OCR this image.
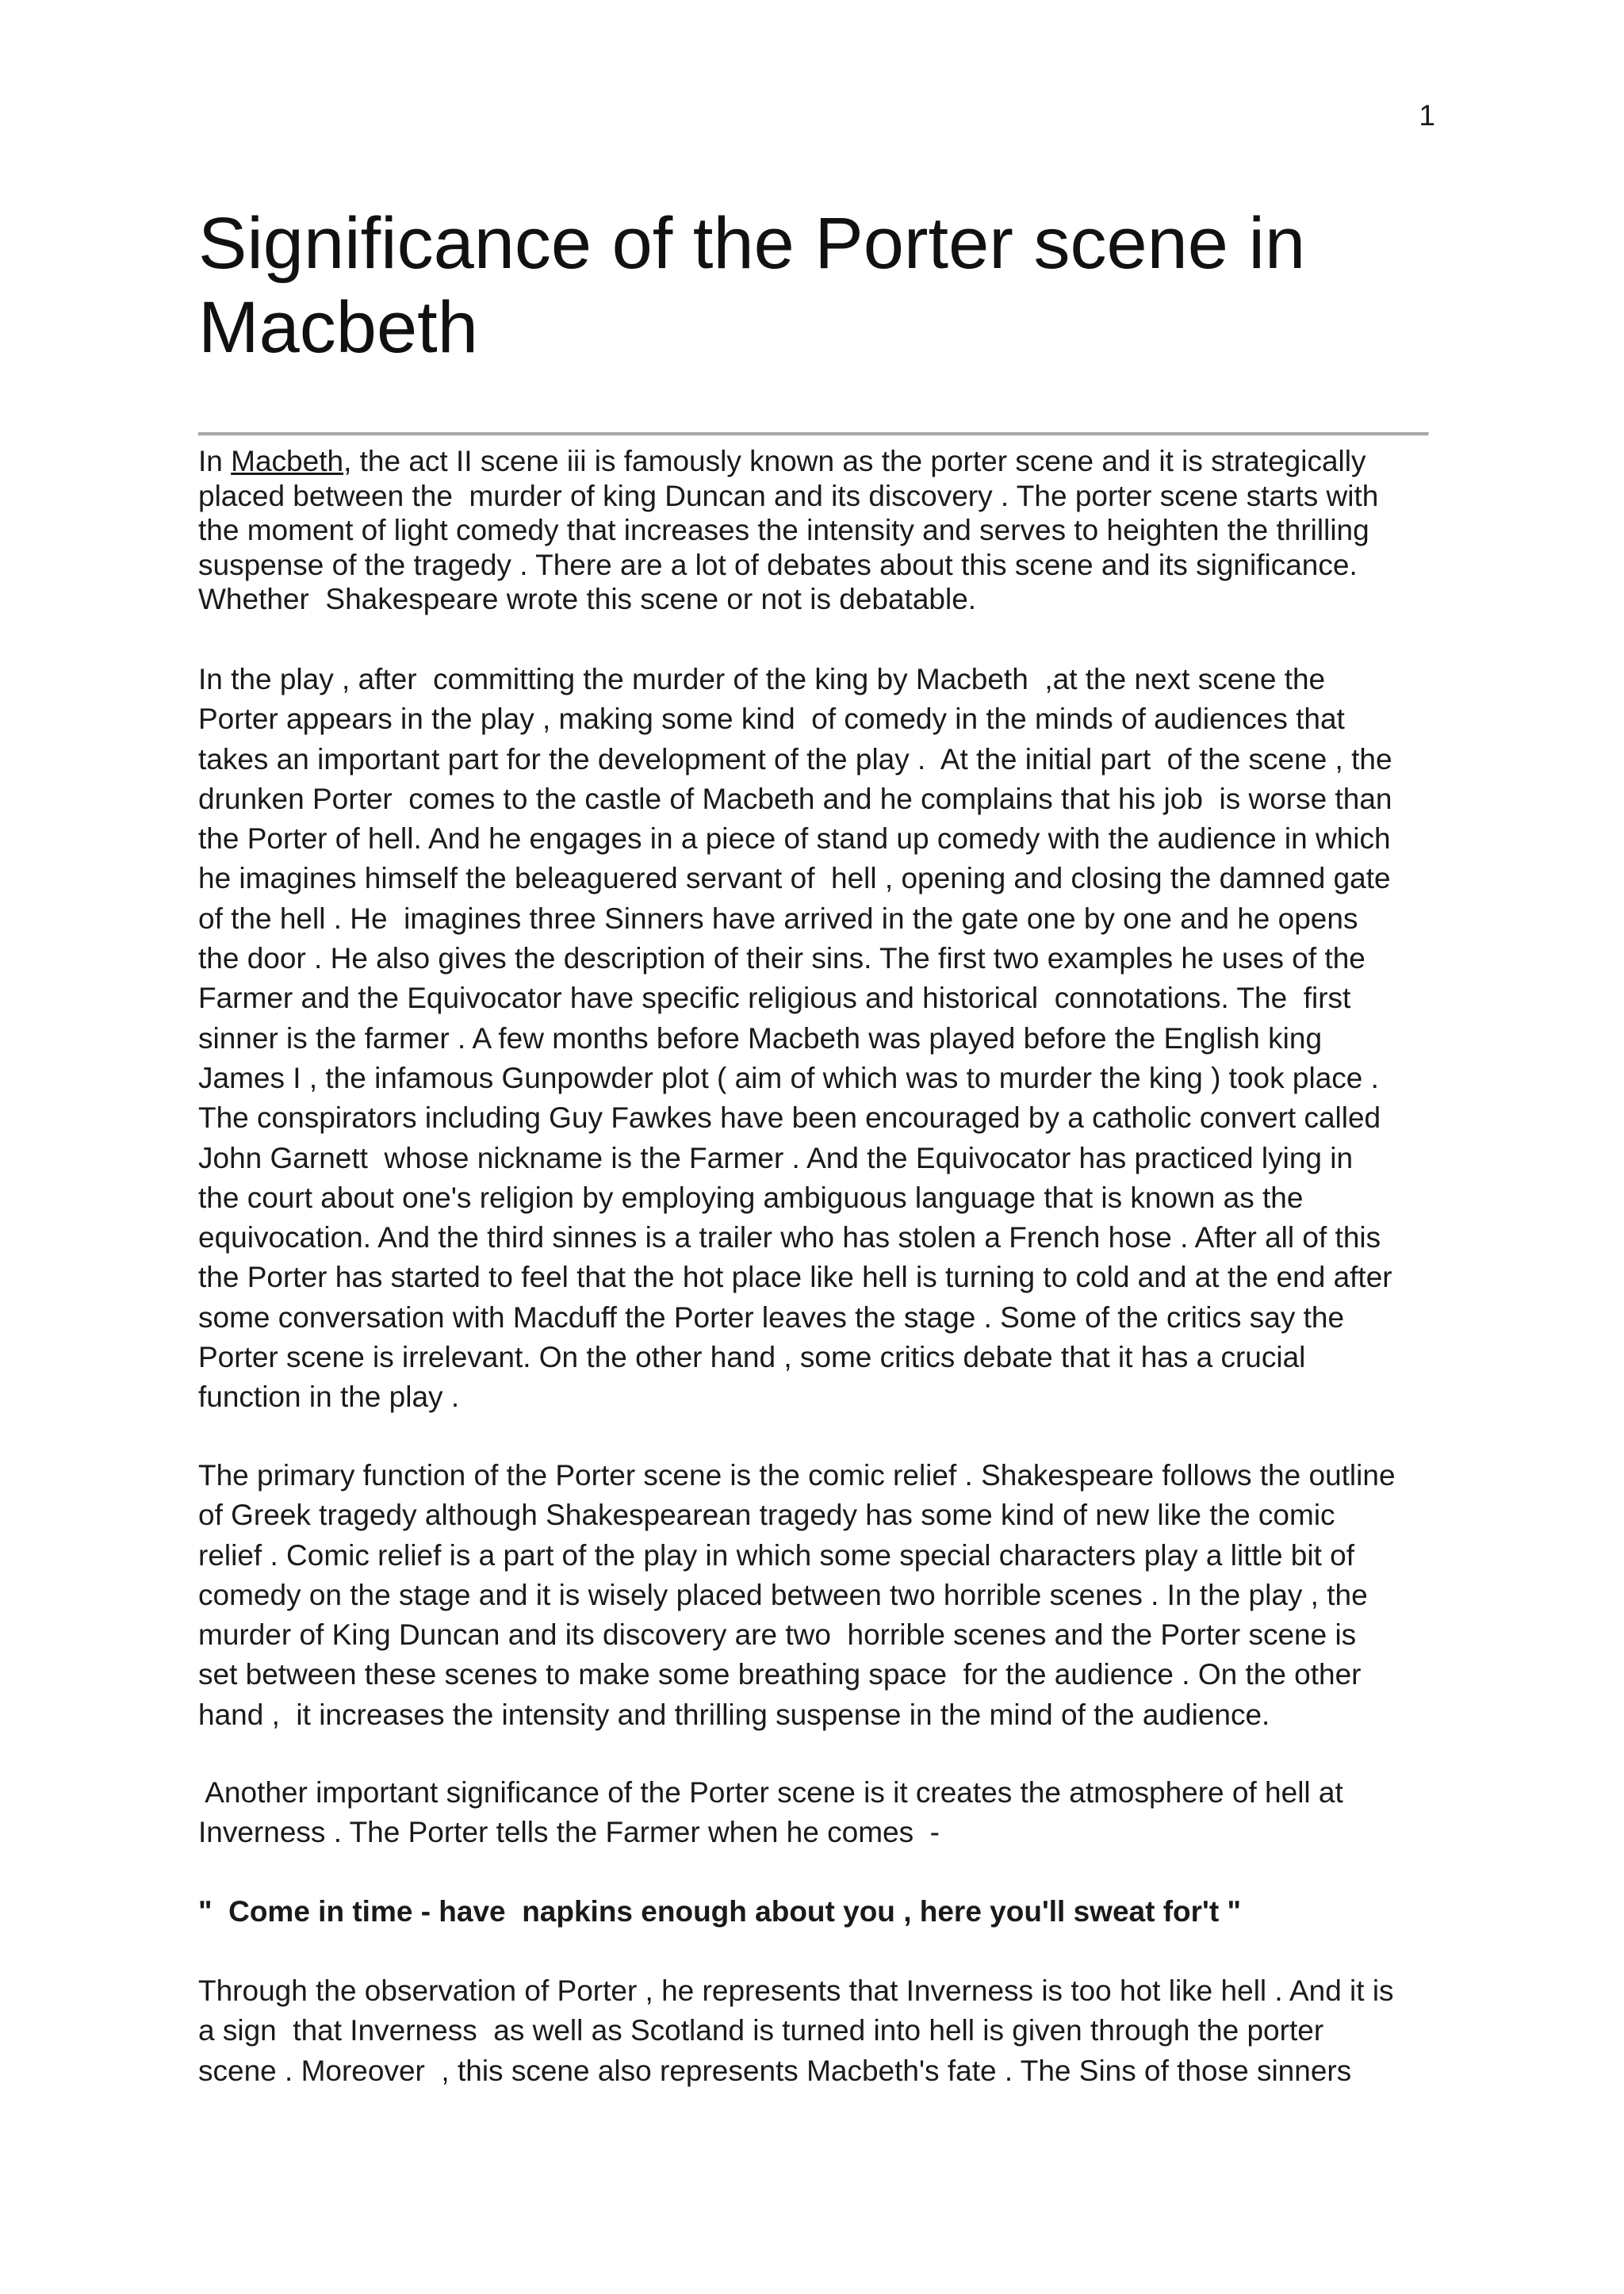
1
Significance of the Porter scene in
Macbeth
In Macbeth, the act II scene iii is famously known as the porter scene and it is strategically
placed between the  murder of king Duncan and its discovery . The porter scene starts with
the moment of light comedy that increases the intensity and serves to heighten the thrilling
suspense of the tragedy . There are a lot of debates about this scene and its significance.
Whether  Shakespeare wrote this scene or not is debatable.
In the play , after  committing the murder of the king by Macbeth  ,at the next scene the
Porter appears in the play , making some kind  of comedy in the minds of audiences that
takes an important part for the development of the play .  At the initial part  of the scene , the
drunken Porter  comes to the castle of Macbeth and he complains that his job  is worse than
the Porter of hell. And he engages in a piece of stand up comedy with the audience in which
he imagines himself the beleaguered servant of  hell , opening and closing the damned gate
of the hell . He  imagines three Sinners have arrived in the gate one by one and he opens
the door . He also gives the description of their sins. The first two examples he uses of the
Farmer and the Equivocator have specific religious and historical  connotations. The  first
sinner is the farmer . A few months before Macbeth was played before the English king
James I , the infamous Gunpowder plot ( aim of which was to murder the king ) took place .
The conspirators including Guy Fawkes have been encouraged by a catholic convert called
John Garnett  whose nickname is the Farmer . And the Equivocator has practiced lying in
the court about one's religion by employing ambiguous language that is known as the
equivocation. And the third sinnes is a trailer who has stolen a French hose . After all of this
the Porter has started to feel that the hot place like hell is turning to cold and at the end after
some conversation with Macduff the Porter leaves the stage . Some of the critics say the
Porter scene is irrelevant. On the other hand , some critics debate that it has a crucial
function in the play .
The primary function of the Porter scene is the comic relief . Shakespeare follows the outline
of Greek tragedy although Shakespearean tragedy has some kind of new like the comic
relief . Comic relief is a part of the play in which some special characters play a little bit of
comedy on the stage and it is wisely placed between two horrible scenes . In the play , the
murder of King Duncan and its discovery are two  horrible scenes and the Porter scene is
set between these scenes to make some breathing space  for the audience . On the other
hand ,  it increases the intensity and thrilling suspense in the mind of the audience.
Another important significance of the Porter scene is it creates the atmosphere of hell at
Inverness . The Porter tells the Farmer when he comes  -
"  Come in time - have  napkins enough about you , here you'll sweat for't "
Through the observation of Porter , he represents that Inverness is too hot like hell . And it is
a sign  that Inverness  as well as Scotland is turned into hell is given through the porter
scene . Moreover  , this scene also represents Macbeth's fate . The Sins of those sinners
